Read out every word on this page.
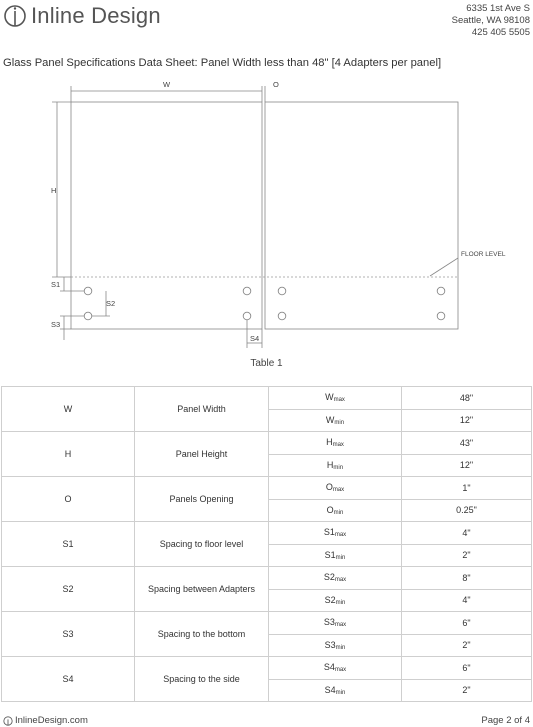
Inline Design	6335 1st Ave S
Seattle, WA 98108
425 405 5505
Glass Panel Specifications Data Sheet: Panel Width less than 48" [4 Adapters per panel]
W	O
H
FLOOR LEVEL
S1
S2
S3
S4
Table 1
W	Panel Width	$W_{max}$	48"
		$W_{min}$	12"
H	Panel Height	$H_{max}$	43"
		$H_{min}$	12"
O	Panels Opening	$O_{max}$	1"
		$O_{min}$	0.25"
S1	Spacing to floor level	$S1_{max}$	4"
		$S1_{min}$	2"
S2	Spacing between Adapters	$S2_{max}$	8"
		$S2_{min}$	4"
S3	Spacing to the bottom	$S3_{max}$	6"
		$S3_{min}$	2"
S4	Spacing to the side	$S4_{max}$	6"
		$S4_{min}$	2"
InlineDesign.com	Page 2 of 4
